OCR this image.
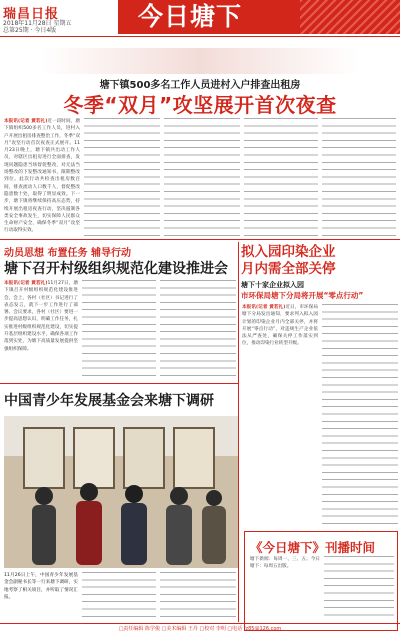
瑞昌日报
2018年11月28日 星期五
总第25期 · 今日4版	今日塘下
塘下镇500多名工作人员进村入户排查出租房
冬季“双月”攻坚展开首次夜查
本报讯(记者 黄若礼)近一段时间，塘下镇组织500多名工作人员，进村入户开展出租房排查整治工作，冬季“双月”攻坚行动首次夜查正式展开。11月23日晚上，塘下镇共出动工作人员，对辖区出租房进行全面排查，发现问题隐患当场督促整改，对无法当场整改的下发整改通知书，限期整改到位。此次行动共检查出租房数百间，排查流动人口数千人，督促整改隐患数十处，取得了明显成效。下一步，塘下镇将继续保持高压态势，持续开展出租房夜查行动，坚决遏制各类安全事故发生，切实保障人民群众生命财产安全，确保冬季“双月”攻坚行动取得实效。
动员思想 布置任务 辅导行动
塘下召开村级组织规范化建设推进会
本报讯(记者 黄若礼)11月27日，塘下镇召开村级组织规范化建设推进会，会上，各村（社区）书记进行了表态发言，就下一步工作进行了部署。会议要求，各村（社区）要进一步提高思想认识，明确工作任务，扎实推进村级组织规范化建设，切实提升基层组织建设水平，确保各项工作落到实处，为塘下高质量发展提供坚强组织保障。
拟入园印染企业
月内需全部关停
塘下十家企业拟入园
市环保局塘下分局将开展“零点行动”
本报讯(记者 黄若礼)近日，市环保局塘下分局发出通知，要求列入拟入园计划的印染企业月内全部关停，并将开展“零点行动”，对违规生产企业依法从严查处，确保关停工作落实到位，推动印染行业转型升级。
中国青少年发展基金会来塘下调研
11月26日上午，中国青少年发展基金会副秘书长等一行来塘下调研，实地考察了相关项目，并听取了情况汇报。
《今日塘下》刊播时间
塘下新闻：每周一、三、五；今日塘下：每周五出版。
□责任编辑 陈学俊 □美术编辑 王丹 □校对 李明 □电话 fz85@126.com
